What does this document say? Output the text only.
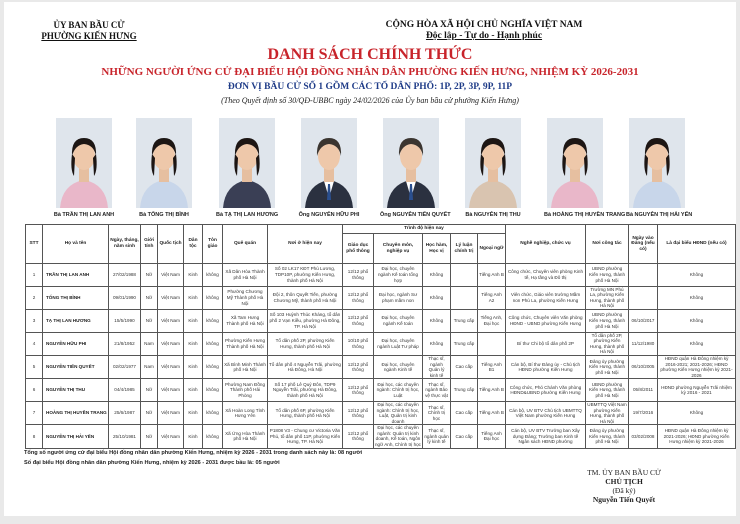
ỦY BAN BẦU CỬ
PHƯỜNG KIẾN HƯNG
CỘNG HÒA XÃ HỘI CHỦ NGHĨA VIỆT NAM
Độc lập - Tự do - Hạnh phúc
DANH SÁCH CHÍNH THỨC
NHỮNG NGƯỜI ỨNG CỬ ĐẠI BIỂU HỘI ĐỒNG NHÂN DÂN PHƯỜNG KIẾN HƯNG, NHIỆM KỲ 2026-2031
ĐƠN VỊ BẦU CỬ SỐ 1 GỒM CÁC TỔ DÂN PHỐ: 1P, 2P, 3P, 9P, 11P
(Theo Quyết định số 30/QĐ-UBBC ngày 24/02/2026 của Ủy ban bầu cử phường Kiến Hưng)
Bà TRẦN THỊ LAN ANH	Bà TỐNG THỊ BÌNH	Bà TẠ THỊ LAN HƯƠNG	Ông NGUYỄN HỮU PHI	Ông NGUYỄN TIẾN QUYẾT	Bà NGUYỄN THỊ THU	Bà HOÀNG THỊ HUYỀN TRANG Bà NGUYỄN THỊ HẢI YẾN
STT	Họ và tên	Ngày, tháng, năm sinh	Giới tính	Quốc tịch	Dân tộc	Tôn giáo	Quê quán	Nơi ở hiện nay	Trình độ hiện nay					Nghề nghiệp, chức vụ	Nơi công tác	Ngày vào Đảng (nếu có)	Là đại biểu HĐND (nếu có)
									Giáo dục phổ thông	Chuyên môn, nghiệp vụ	Học hàm, Học vị	Lý luận chính trị	Ngoại ngữ				
1	TRẦN THỊ LAN ANH	27/02/1988	Nữ	Việt Nam	Kinh	không	Xã Dân Hòa Thành phố Hà Nội	Số 02 LK17 KĐT Phú Lương, TDP10P, phường Kiến Hưng, thành phố Hà Nội	12/12 phổ thông	Đại học, chuyên ngành Kế toán tổng hợp	Không		Tiếng Anh B	Công chức, Chuyên viên phòng Kinh tế, Hạ tầng và Đô thị	UBND phường Kiến Hưng, thành phố Hà Nội		Không
2	TỐNG THỊ BÌNH	09/01/1990	Nữ	Việt Nam	Kinh	không	Phường Chương Mỹ Thành phố Hà Nội	Đội 2, thôn Quyết Tiến, phường Chương Mỹ, thành phố Hà Nội	12/12 phổ thông	Đại học, ngành Sư phạm mầm non	Không		Tiếng Anh A2	Viên chức, Giáo viên trường Mầm non Phú La, phường Kiến Hưng	Trường MN Phú La, phường Kiến Hưng, thành phố Hà Nội		Không
3	TẠ THỊ LAN HƯƠNG	15/5/1990	Nữ	Việt Nam	Kinh	không	Xã Tam Hưng Thành phố Hà Nội	Số 103 Huỳnh Thúc Kháng, tổ dân phố 2 Vạn Kiều, phường Hà Đông, TP. Hà Nội	12/12 phổ thông	Đại học, chuyên ngành Kế toán	Không	Trung cấp	Tiếng Anh, Đại học	Công chức, Chuyên viên Văn phòng HĐND - UBND phường Kiến Hưng	UBND phường Kiến Hưng, thành phố Hà Nội	06/10/2017	Không
4	NGUYỄN HỮU PHI	21/8/1952	Nam	Việt Nam	Kinh	không	Phường Kiến Hưng Thành phố Hà Nội	Tổ dân phố 2P, phường Kiến Hưng, thành phố Hà Nội	10/10 phổ thông	Đại học, chuyên ngành Luật Tư pháp	Không	Trung cấp		Bí thư Chi bộ tổ dân phố 2P	Tổ dân phố 2P, phường Kiến Hưng, thành phố Hà Nội	11/12/1980	Không
5	NGUYỄN TIẾN QUYẾT	02/02/1977	Nam	Việt Nam	Kinh	không	Xã Bình Minh Thành phố Hà Nội	Tổ dân phố 4 Nguyễn Trãi, phường Hà Đông, Hà Nội	12/12 phổ thông	Đại học, chuyên ngành Kinh tế	Thạc sĩ, ngành Quản lý kinh tế	Cao cấp	Tiếng Anh B1	Cán bộ, Bí thư Đảng ủy - Chủ tịch HĐND phường Kiến Hưng	Đảng ủy phường Kiến Hưng, thành phố Hà Nội	06/10/2005	HĐND quận Hà Đông nhiệm kỳ 2016-2021; 2021-2026; HĐND phường Kiến Hưng nhiệm kỳ 2021-2026
6	NGUYỄN THỊ THU	04/4/1985	Nữ	Việt Nam	Kinh	không	Phường Nam Đồng Thành phố Hải Phòng	Số 17 phố Lê Quý Đôn, TDP9 Nguyễn Trãi, phường Hà Đông, thành phố Hà Nội	12/12 phổ thông	Đại học, các chuyên ngành: Chính trị học, Luật	Thạc sĩ, ngành Bảo vệ thực vật	Trung cấp	Tiếng Anh B	Công chức, Phó Chánh Văn phòng HĐND&UBND phường Kiến Hưng	UBND phường Kiến Hưng, thành phố Hà Nội	05/8/2011	HĐND phường Nguyễn Trãi nhiệm kỳ 2016 - 2021
7	HOÀNG THỊ HUYỀN TRANG	25/6/1987	Nữ	Việt Nam	Kinh	không	Xã Hoàn Long Tỉnh Hưng Yên	Tổ dân phố 6P, phường Kiến Hưng, thành phố Hà Nội	12/12 phổ thông	Đại học, các chuyên ngành: Chính trị học, Luật, Quản trị kinh doanh	Thạc sĩ, Chính trị học	Cao cấp	Tiếng Anh B	Cán bộ, UV BTV Chủ tịch UBMTTQ Việt Nam phường Kiến Hưng	UBMTTQ Việt Nam phường Kiến Hưng, thành phố Hà Nội	19/7/2016	Không
8	NGUYỄN THỊ HẢI YẾN	25/10/1981	Nữ	Việt Nam	Kinh	không	Xã Ứng Hòa Thành phố Hà Nội	P1808 V3 - Chung cư Victoria Văn Phú, tổ dân phố 11P, phường Kiến Hưng, TP. Hà Nội	12/12 phổ thông	Đại học, các chuyên ngành: Quản trị kinh doanh, Kế toán, Ngôn ngữ Anh, Chính trị học	Thạc sĩ, ngành quản lý kinh tế	Cao cấp	Tiếng Anh Đại học	Cán bộ, UV BTV Trưởng ban Xây dựng Đảng; Trưởng ban Kinh tế Ngân sách HĐND phường	Đảng ủy phường Kiến Hưng, thành phố Hà Nội	03/02/2008	HĐND quận Hà Đông nhiệm kỳ 2021-2026; HĐND phường Kiến Hưng nhiệm kỳ 2021-2026
Tổng số người ứng cử đại biểu Hội đồng nhân dân phường Kiến Hưng, nhiệm kỳ 2026 - 2031 trong danh sách này là: 08 người
Số đại biểu Hội đồng nhân dân phường Kiến Hưng, nhiệm kỳ 2026 - 2031 được bầu là: 05 người
TM. ỦY BAN BẦU CỬ
CHỦ TỊCH
(Đã ký)
Nguyễn Tiến Quyết
